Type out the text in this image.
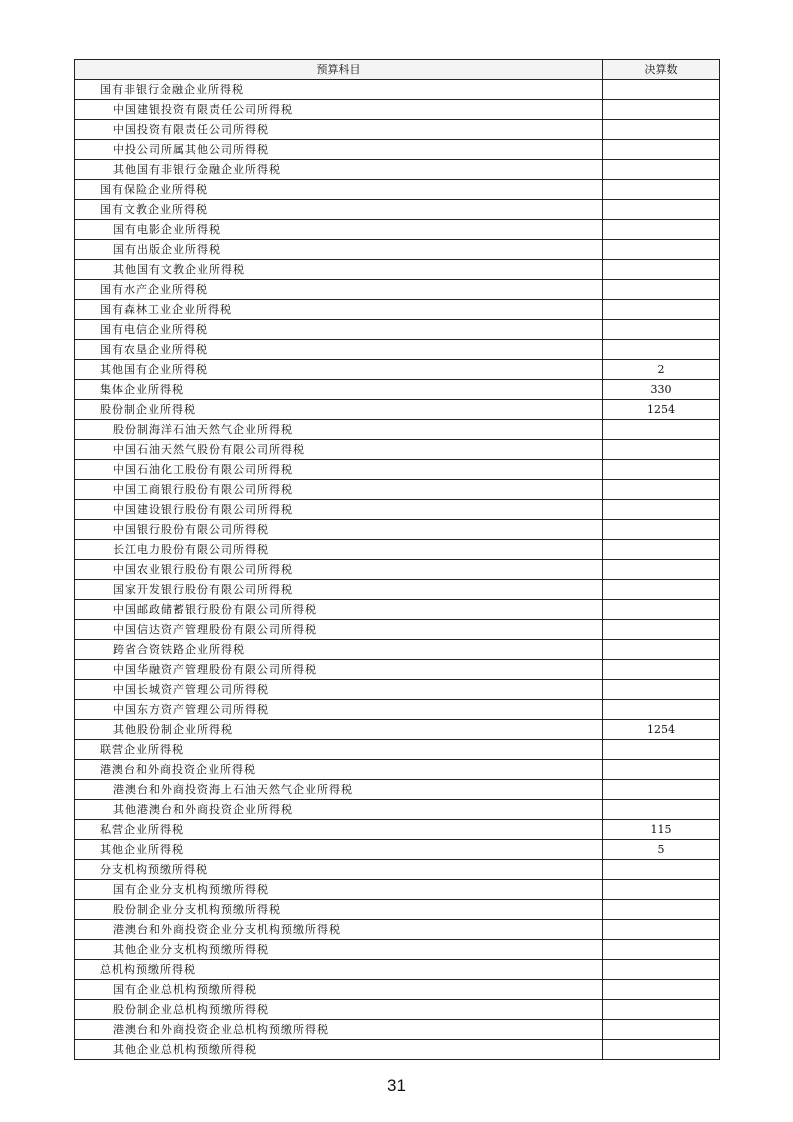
预算科目	决算数
国有非银行金融企业所得税	
中国建银投资有限责任公司所得税	
中国投资有限责任公司所得税	
中投公司所属其他公司所得税	
其他国有非银行金融企业所得税	
国有保险企业所得税	
国有文教企业所得税	
国有电影企业所得税	
国有出版企业所得税	
其他国有文教企业所得税	
国有水产企业所得税	
国有森林工业企业所得税	
国有电信企业所得税	
国有农垦企业所得税	
其他国有企业所得税	2
集体企业所得税	330
股份制企业所得税	1254
股份制海洋石油天然气企业所得税	
中国石油天然气股份有限公司所得税	
中国石油化工股份有限公司所得税	
中国工商银行股份有限公司所得税	
中国建设银行股份有限公司所得税	
中国银行股份有限公司所得税	
长江电力股份有限公司所得税	
中国农业银行股份有限公司所得税	
国家开发银行股份有限公司所得税	
中国邮政储蓄银行股份有限公司所得税	
中国信达资产管理股份有限公司所得税	
跨省合资铁路企业所得税	
中国华融资产管理股份有限公司所得税	
中国长城资产管理公司所得税	
中国东方资产管理公司所得税	
其他股份制企业所得税	1254
联营企业所得税	
港澳台和外商投资企业所得税	
港澳台和外商投资海上石油天然气企业所得税	
其他港澳台和外商投资企业所得税	
私营企业所得税	115
其他企业所得税	5
分支机构预缴所得税	
国有企业分支机构预缴所得税	
股份制企业分支机构预缴所得税	
港澳台和外商投资企业分支机构预缴所得税	
其他企业分支机构预缴所得税	
总机构预缴所得税	
国有企业总机构预缴所得税	
股份制企业总机构预缴所得税	
港澳台和外商投资企业总机构预缴所得税	
其他企业总机构预缴所得税	
31
